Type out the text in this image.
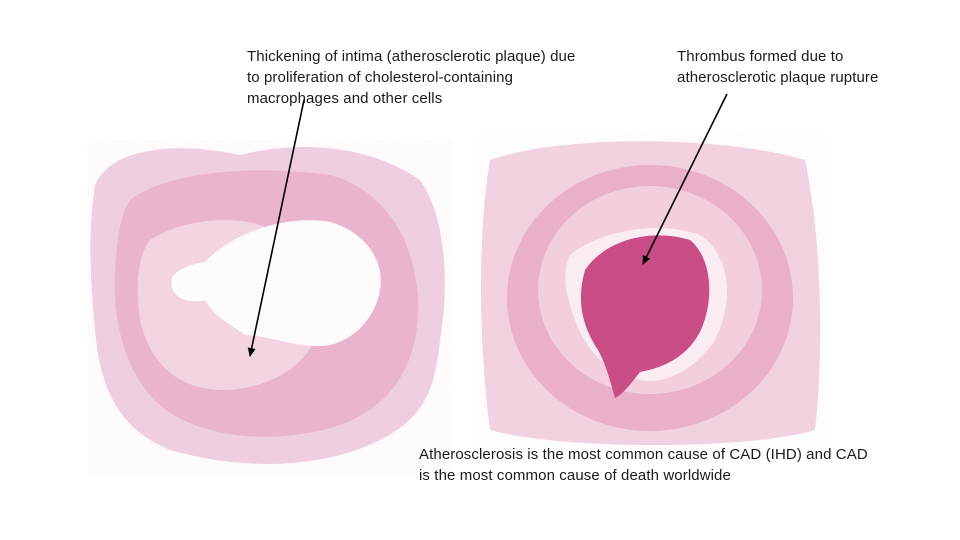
Thickening of intima (atherosclerotic plaque) due
to proliferation of cholesterol-containing
macrophages and other cells

Thrombus formed due to
atherosclerotic plaque rupture

Atherosclerosis is the most common cause of CAD (IHD) and CAD
is the most common cause of death worldwide
